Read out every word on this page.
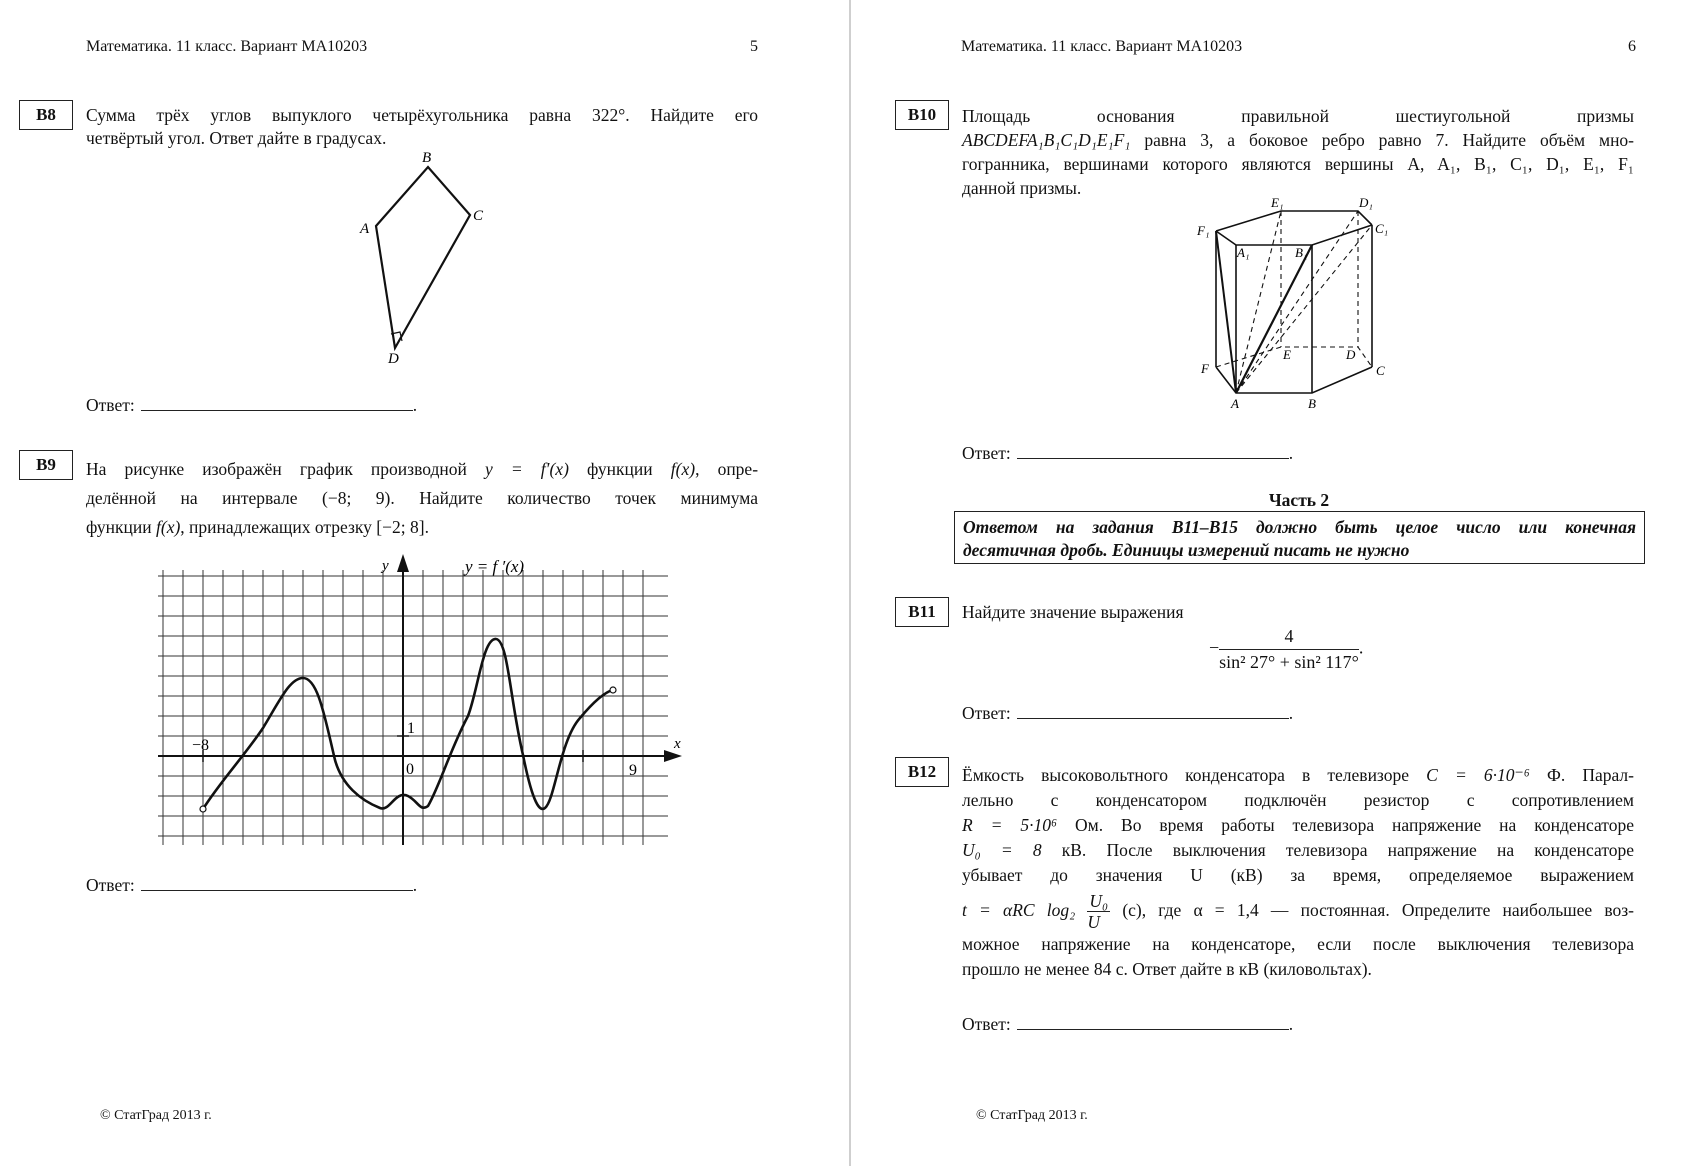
Математика. 11 класс. Вариант МА10203	5
B8	Сумма трёх углов выпуклого четырёхугольника равна 322°. Найдите его

четвёртый угол. Ответ дайте в градусах.

A
B
C
D
Ответ:	.
B9	На рисунке изображён график производной y = f′(x) функции f(x), опре-

делённой на интервале (−8; 9). Найдите количество точек минимума

функции f(x), принадлежащих отрезку [−2; 8].

y
x
y = f ′(x)
−8
0
1
9
Ответ:	.
© СтатГрад 2013 г.
Математика. 11 класс. Вариант МА10203	6
B10	Площадь основания правильной шестиугольной призмы

ABCDEFA₁B₁C₁D₁E₁F₁ равна 3, а боковое ребро равно 7. Найдите объём мно-

гогранника, вершинами которого являются вершины A, A₁, B₁, C₁, D₁, E₁, F₁

данной призмы.

E₁	D₁
F₁
A₁	B₁
C₁
F
E	D
C
A	B
Ответ:	.
Часть 2
Ответом на задания B11–B15 должно быть целое число или конечная
десятичная дробь. Единицы измерений писать не нужно
B11	Найдите значение выражения
− $\frac{4}{\text{sin² 27° + sin² 117°}}$ .
Ответ:	.
B12	Ёмкость высоковольтного конденсатора в телевизоре C = 6·10⁻⁶ Ф. Парал-

лельно с конденсатором подключён резистор с сопротивлением

R = 5·10⁶ Ом. Во время работы телевизора напряжение на конденсаторе

U₀ = 8 кВ. После выключения телевизора напряжение на конденсаторе

убывает до значения U (кВ) за время, определяемое выражением

t = αRC $\log_2 \frac{\text{U₀}}{U} (с)$, где α = 1,4 — постоянная. Определите наибольшее воз-

можное напряжение на конденсаторе, если после выключения телевизора

прошло не менее 84 с. Ответ дайте в кВ (киловольтах).

Ответ:	.
© СтатГрад 2013 г.
